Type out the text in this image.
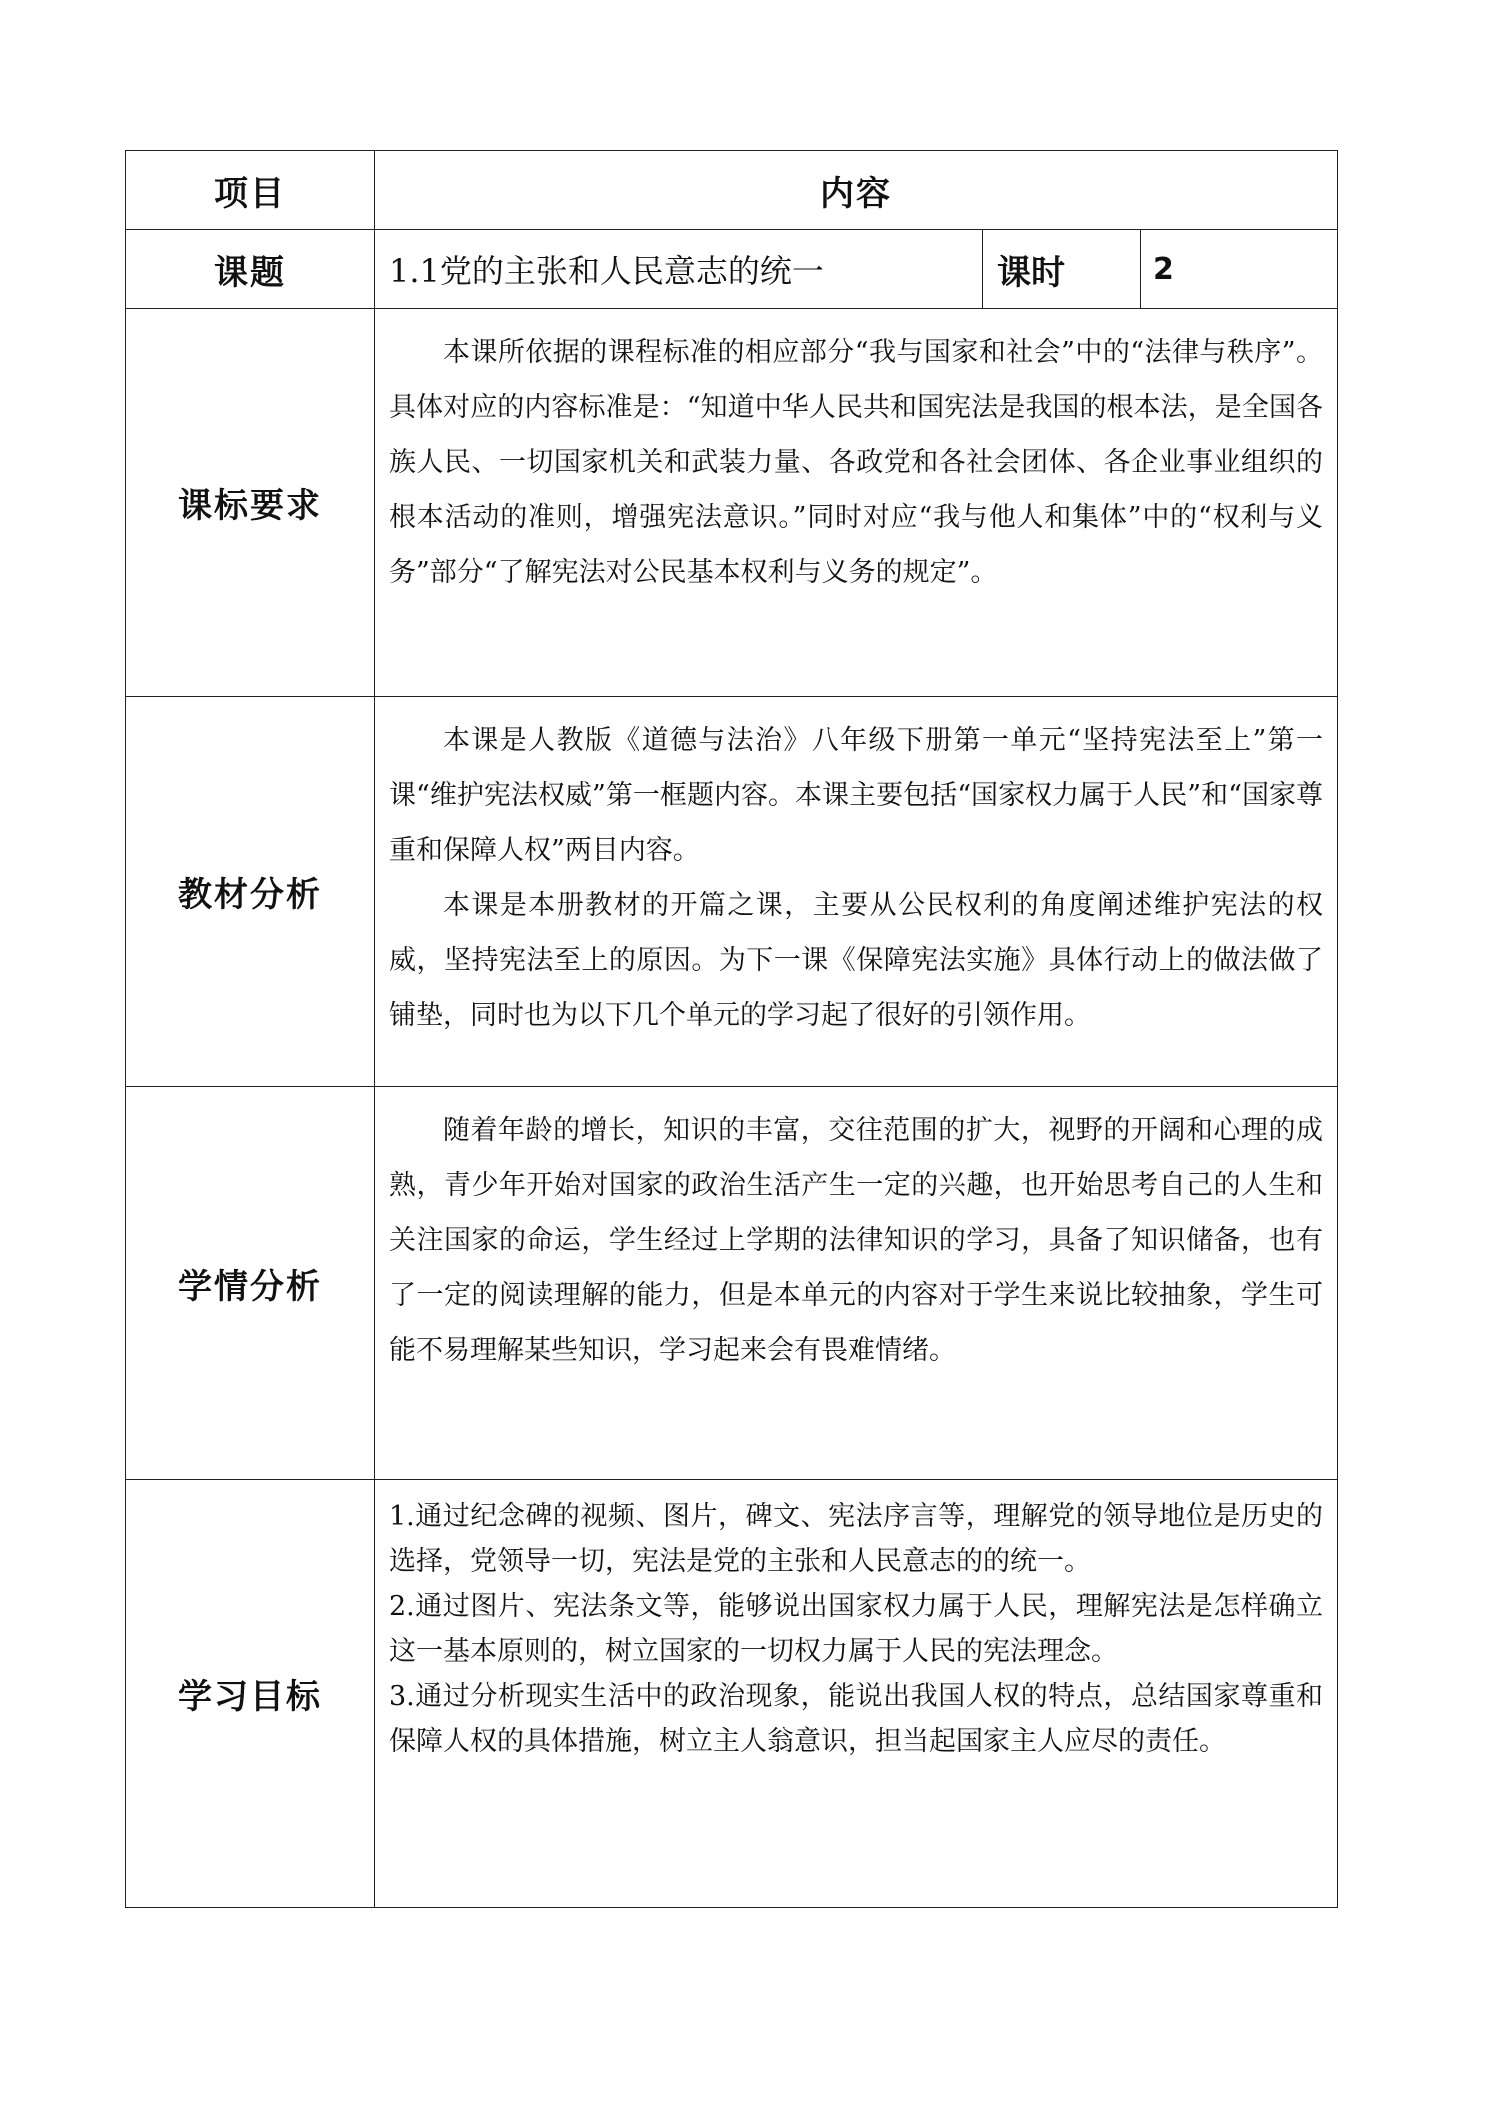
项目	内容		
课题	1.1党的主张和人民意志的统一	课时	2
课标要求	本课所依据的课程标准的相应部分“我与国家和社会”中的“法律与秩序”。具体对应的内容标准是：“知道中华人民共和国宪法是我国的根本法，是全国各族人民、一切国家机关和武装力量、各政党和各社会团体、各企业事业组织的根本活动的准则，增强宪法意识。”同时对应“我与他人和集体”中的“权利与义务”部分“了解宪法对公民基本权利与义务的规定”。		

教材分析	本课是人教版《道德与法治》八年级下册第一单元“坚持宪法至上”第一课“维护宪法权威”第一框题内容。本课主要包括“国家权力属于人民”和“国家尊重和保障人权”两目内容。

本课是本册教材的开篇之课，主要从公民权利的角度阐述维护宪法的权威，坚持宪法至上的原因。为下一课《保障宪法实施》具体行动上的做法做了铺垫，同时也为以下几个单元的学习起了很好的引领作用。		

学情分析	随着年龄的增长，知识的丰富，交往范围的扩大，视野的开阔和心理的成熟，青少年开始对国家的政治生活产生一定的兴趣，也开始思考自己的人生和关注国家的命运，学生经过上学期的法律知识的学习，具备了知识储备，也有了一定的阅读理解的能力，但是本单元的内容对于学生来说比较抽象，学生可能不易理解某些知识，学习起来会有畏难情绪。		

学习目标	1.通过纪念碑的视频、图片，碑文、宪法序言等，理解党的领导地位是历史的选择，党领导一切，宪法是党的主张和人民意志的的统一。

2.通过图片、宪法条文等，能够说出国家权力属于人民，理解宪法是怎样确立这一基本原则的，树立国家的一切权力属于人民的宪法理念。

3.通过分析现实生活中的政治现象，能说出我国人权的特点，总结国家尊重和保障人权的具体措施，树立主人翁意识，担当起国家主人应尽的责任。		
